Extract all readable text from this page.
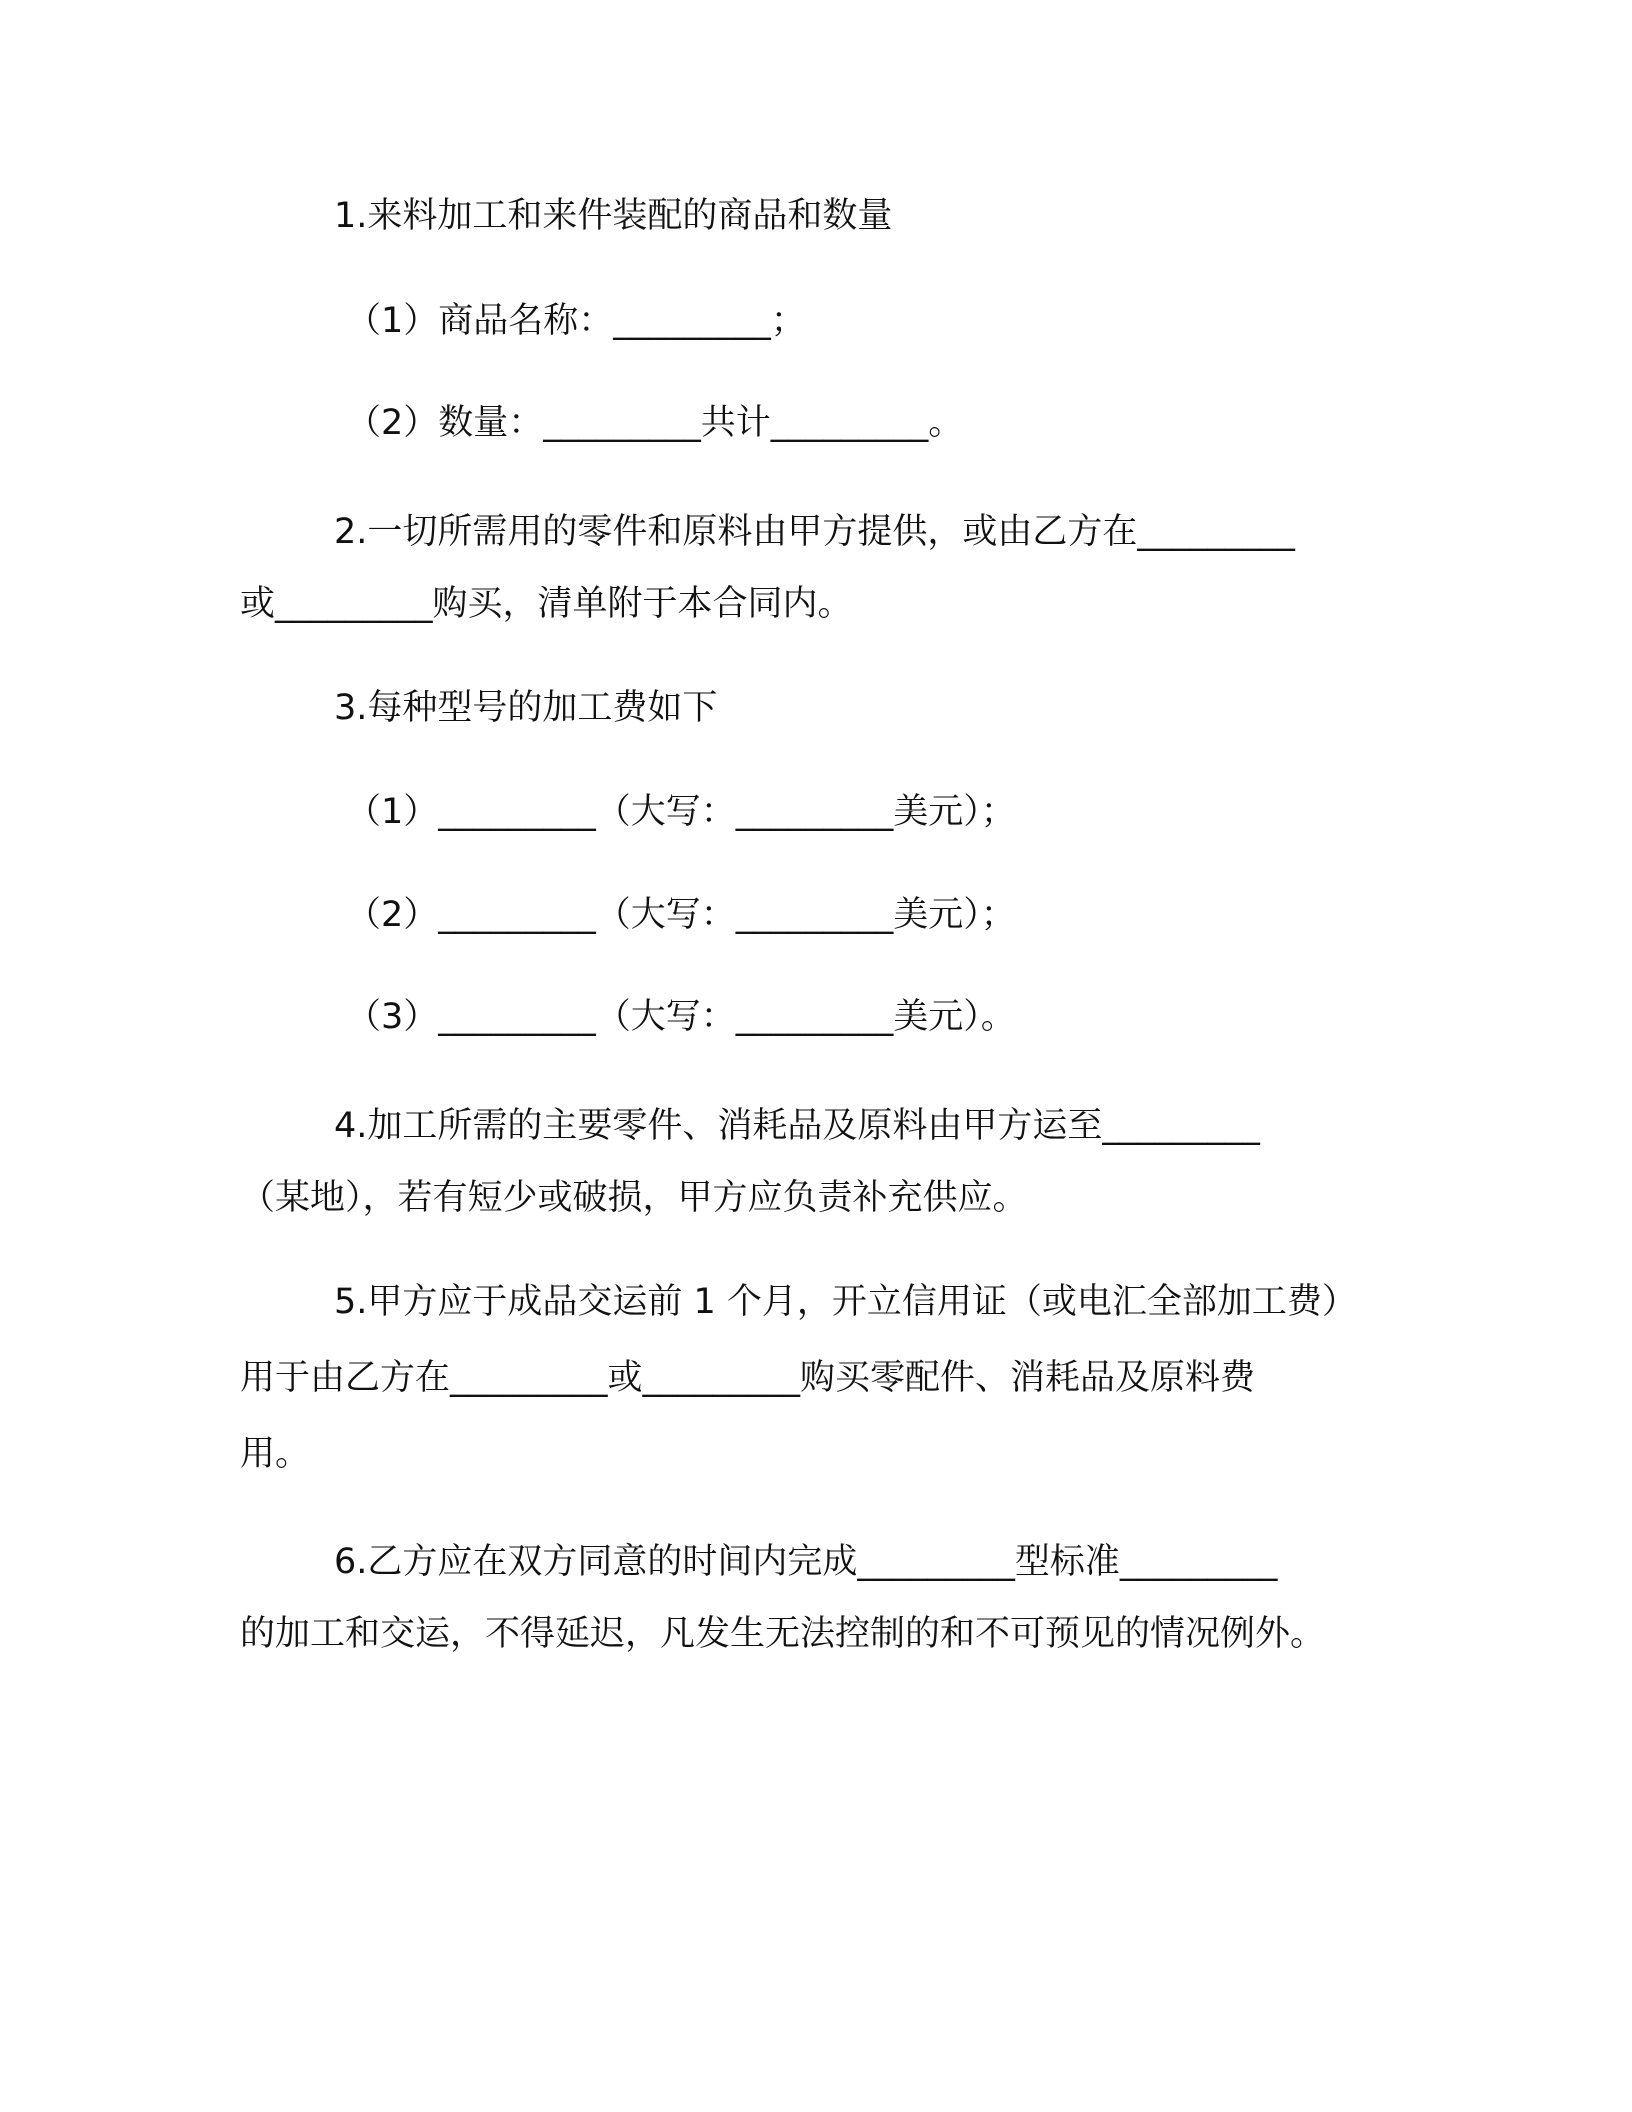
1.来料加工和来件装配的商品和数量
（1）商品名称：_________；
（2）数量：_________共计_________。
2.一切所需用的零件和原料由甲方提供，或由乙方在_________
或_________购买，清单附于本合同内。
3.每种型号的加工费如下
（1）_________（大写：_________美元）；
（2）_________（大写：_________美元）；
（3）_________（大写：_________美元）。
4.加工所需的主要零件、消耗品及原料由甲方运至_________
（某地），若有短少或破损，甲方应负责补充供应。
5.甲方应于成品交运前 1 个月，开立信用证（或电汇全部加工费）
用于由乙方在_________或_________购买零配件、消耗品及原料费
用。
6.乙方应在双方同意的时间内完成_________型标准_________
的加工和交运，不得延迟，凡发生无法控制的和不可预见的情况例外。
